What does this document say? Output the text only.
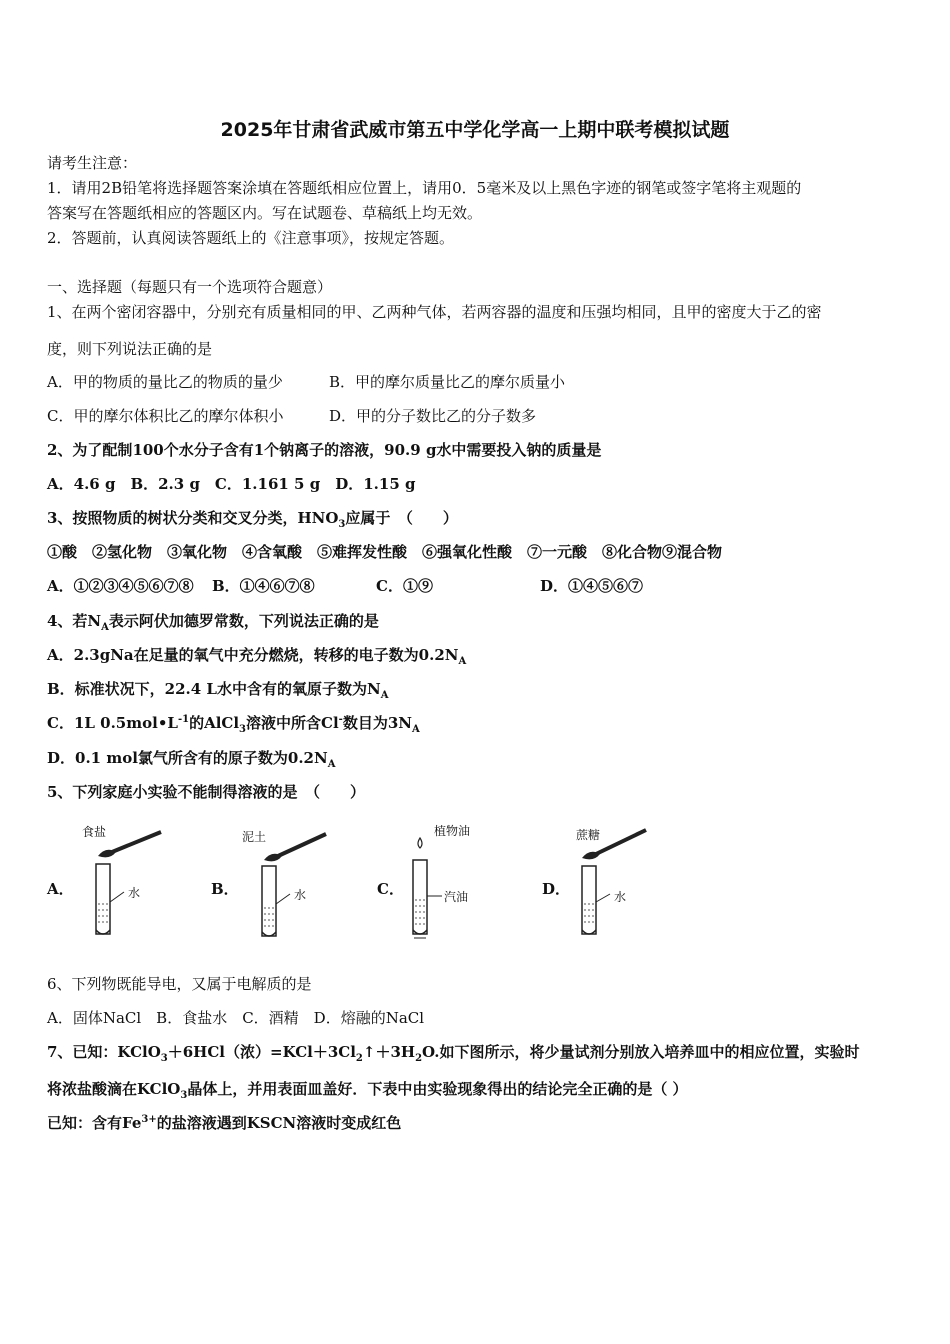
2025年甘肃省武威市第五中学化学高一上期中联考模拟试题
请考生注意：
1．请用2B铅笔将选择题答案涂填在答题纸相应位置上，请用0．5毫米及以上黑色字迹的钢笔或签字笔将主观题的
答案写在答题纸相应的答题区内。写在试题卷、草稿纸上均无效。
2．答题前，认真阅读答题纸上的《注意事项》，按规定答题。
一、选择题（每题只有一个选项符合题意）
1、在两个密闭容器中，分别充有质量相同的甲、乙两种气体，若两容器的温度和压强均相同，且甲的密度大于乙的密
度，则下列说法正确的是
A．甲的物质的量比乙的物质的量少	B．甲的摩尔质量比乙的摩尔质量小
C．甲的摩尔体积比乙的摩尔体积小	D．甲的分子数比乙的分子数多
2、为了配制100个水分子含有1个钠离子的溶液，90.9 g水中需要投入钠的质量是
A．4.6 g　B．2.3 g　C．1.161 5 g　D．1.15 g
3、按照物质的树状分类和交叉分类，$HNO_3$应属于　（　　）
①酸　②氢化物　③氧化物　④含氧酸　⑤难挥发性酸　⑥强氧化性酸　⑦一元酸　⑧化合物⑨混合物
A．①②③④⑤⑥⑦⑧ B．①④⑥⑦⑧	C．①⑨	D．①④⑤⑥⑦
4、若$N_A$表示阿伏加德罗常数，下列说法正确的是
A．2.3gNa在足量的氧气中充分燃烧，转移的电子数为$0.2N_A$
B．标准状况下，22.4 L水中含有的氧原子数为$N_A$
C．1L $0.5mol•L^{-1}$的AlCl$_3$溶液中所含Cl-数目为$3N_A$
D．0.1 mol氯气所含有的原子数为$0.2N_A$
5、下列家庭小实验不能制得溶液的是　（　　）
A．
食盐
水	B．
泥土
水	C．
植物油
汽油	D．
蔗糖
水
6、下列物既能导电，又属于电解质的是
A．固体NaCl　B．食盐水　C．酒精　D．熔融的NaCl
7、已知：KClO$_3$＋6HCl（浓）$=KCl+3Cl_2↑+3H_2O$.如下图所示，将少量试剂分别放入培养皿中的相应位置，实验时
将浓盐酸滴在KClO$_3$晶体上，并用表面皿盖好．下表中由实验现象得出的结论完全正确的是（ ）
已知：含有$Fe^{3+}$的盐溶液遇到KSCN溶液时变成红色
